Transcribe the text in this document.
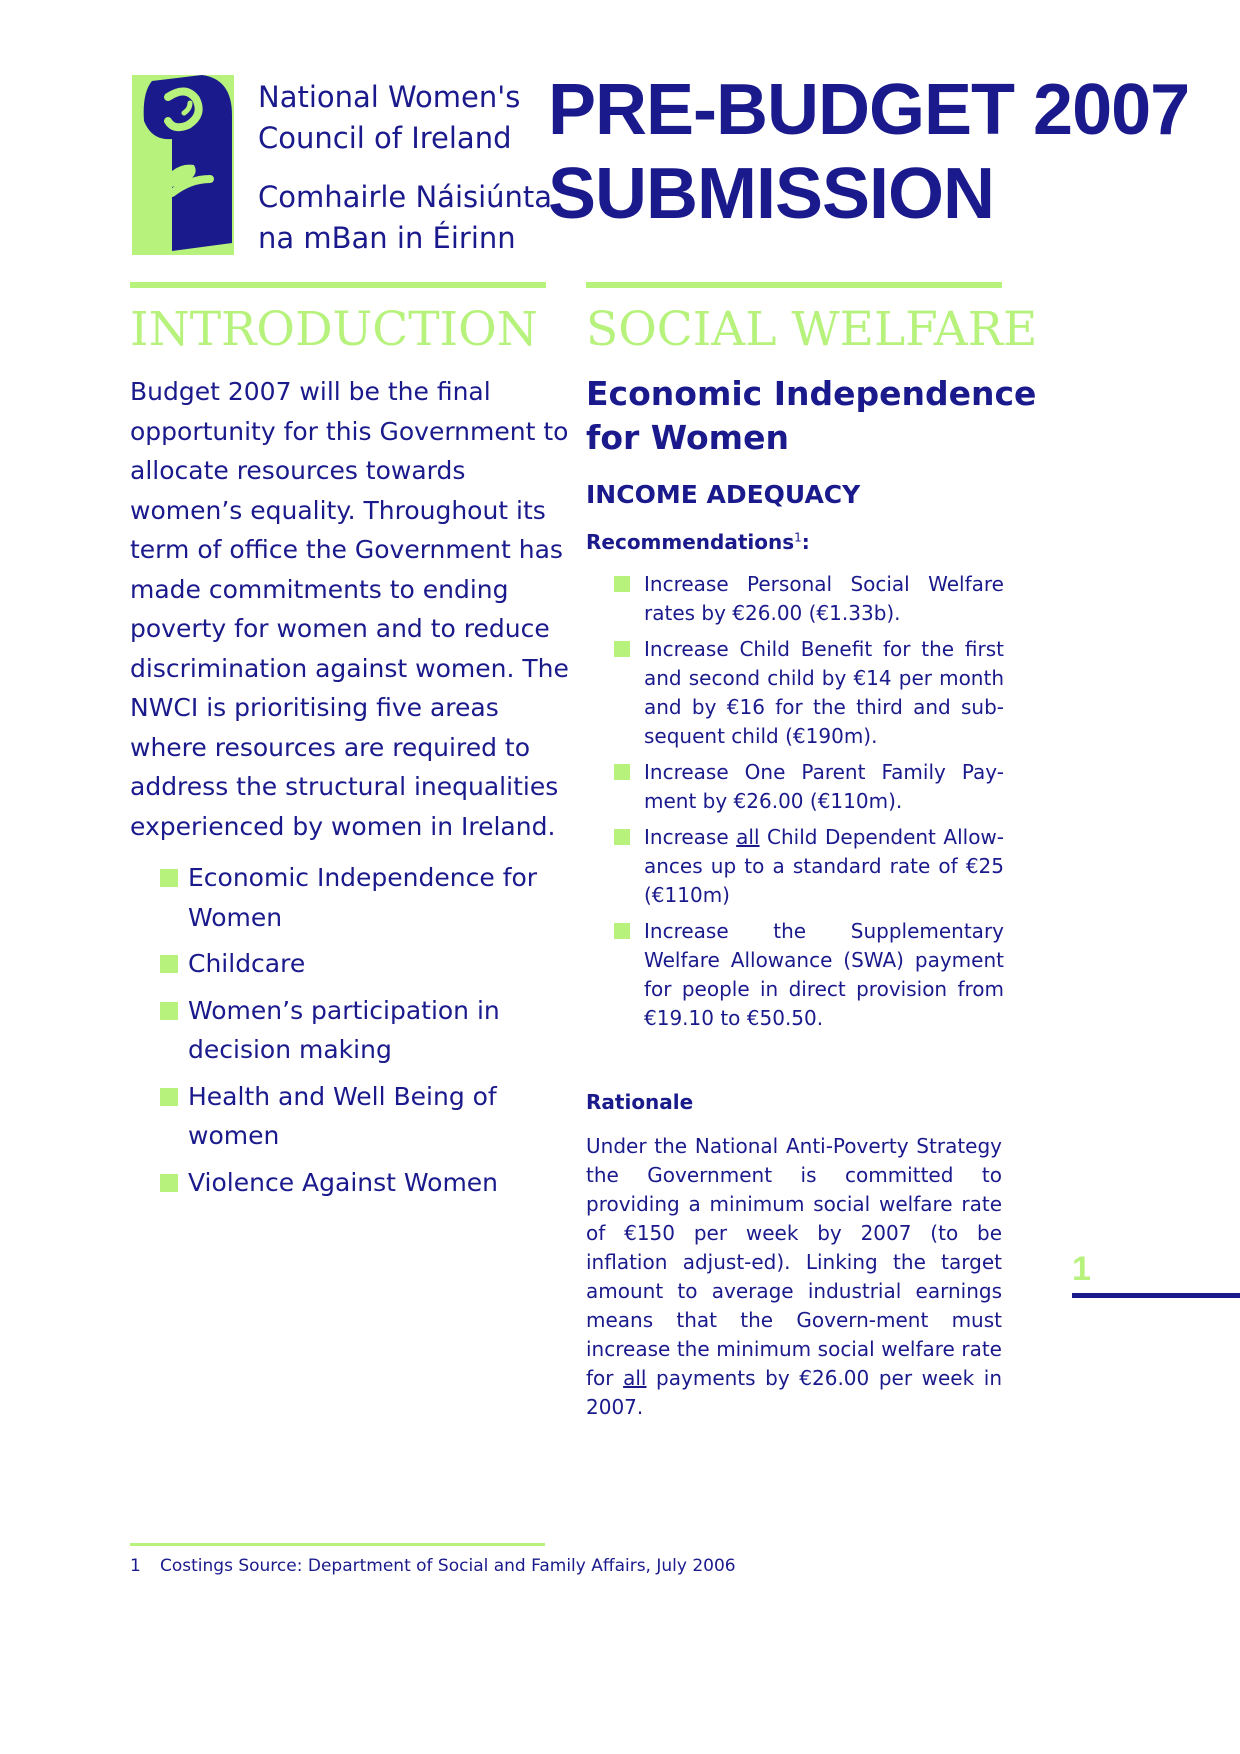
National Women's
Council of Ireland
Comhairle Náisiúnta
na mBan in Éirinn
PRE-BUDGET 2007
SUBMISSION
INTRODUCTION
Budget 2007 will be the final
opportunity for this Government to
allocate resources towards
women’s equality. Throughout its
term of office the Government has
made commitments to ending
poverty for women and to reduce
discrimination against women. The
NWCI is prioritising five areas
where resources are required to
address the structural inequalities
experienced by women in Ireland.
Economic Independence for
Women
Childcare
Women’s participation in
decision making
Health and Well Being of
women
Violence Against Women
SOCIAL WELFARE
Economic Independence
for Women
INCOME ADEQUACY
Recommendations$^1$:
Increase Personal Social Welfare rates by €26.00 (€1.33b).
Increase Child Benefit for the first and second child by €14 per month and by €16 for the third and sub-sequent child (€190m).
Increase One Parent Family Pay-ment by €26.00 (€110m).
Increase all Child Dependent Allow-ances up to a standard rate of €25 (€110m)
Increase the Supplementary Welfare Allowance (SWA) payment for people in direct provision from €19.10 to €50.50.
Rationale
Under the National Anti-Poverty Strategy the Government is committed to providing a minimum social welfare rate of €150 per week by 2007 (to be inflation adjust-ed). Linking the target amount to average industrial earnings means that the Govern-ment must increase the minimum social welfare rate for all payments by €26.00 per week in 2007.
1
1 Costings Source: Department of Social and Family Affairs, July 2006
